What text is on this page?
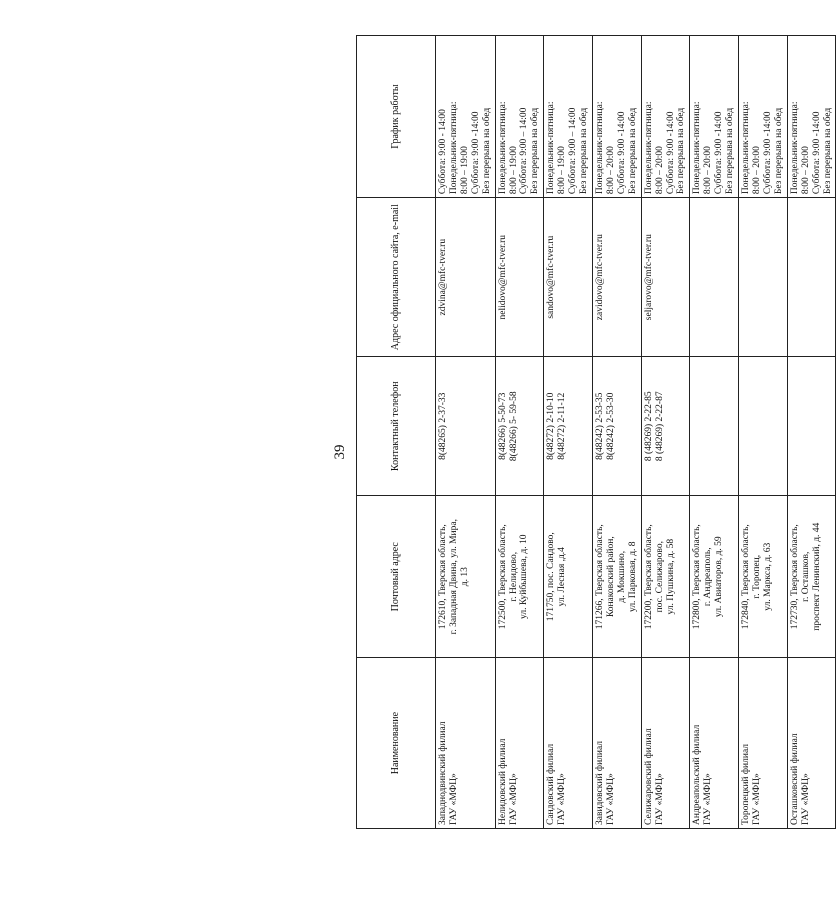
39
Наименование	Почтовый адрес	Контактный телефон	Адрес официального сайта, e-mail	График работы

Западнодвинский филиал ГАУ «МФЦ»	172610, Тверская область, г. Западная Двина, ул. Мира, д. 13	8(48265) 2-37-33	zdvina@mfc-tver.ru	Суббота: 9:00 - 14:00 Понедельник-пятница: 8:00 – 19:00 Суббота: 9:00 -14:00 Без перерыва на обед

Нелидовский филиал ГАУ «МФЦ»	172500, Тверская область, г. Нелидово, ул. Куйбышева, д. 10	8(48266) 5-50-73 8(48266) 5- 59-58	nelidovo@mfc-tver.ru	Понедельник-пятница: 8:00 – 19:00 Суббота: 9:00 – 14:00 Без перерыва на обед

Сандовский филиал ГАУ «МФЦ»	171750, пос. Сандово, ул. Лесная ,д.4	8(48272) 2-10-10 8(48272) 2-11-12	sandovo@mfc-tver.ru	Понедельник-пятница: 8:00 – 19:00 Суббота: 9:00 – 14:00 Без перерыва на обед

Завидовский филиал ГАУ «МФЦ»	171266, Тверская область, Конаковский район, д. Мокшино, ул. Парковая, д. 8	8(48242) 2-53-35 8(48242) 2-53-30	zavidovo@mfc-tver.ru	Понедельник-пятница: 8:00 – 20:00 Суббота: 9:00 -14:00 Без перерыва на обед

Селижаровский филиал ГАУ «МФЦ»	172200, Тверская область, пос. Селижарово, ул. Пушкина, д. 58	8 (48269) 2-22-85 8 (48269) 2-22-87	seljarovo@mfc-tver.ru	Понедельник-пятница: 8:00 – 20:00 Суббота: 9:00 -14:00 Без перерыва на обед

Андреапольский филиал ГАУ «МФЦ»	172800, Тверская область, г. Андреаполь, ул. Авиаторов, д. 59			Понедельник-пятница: 8:00 – 20:00 Суббота: 9:00 -14:00 Без перерыва на обед

Торопецкий филиал ГАУ «МФЦ»	172840, Тверская область, г. Торопец, ул. Маркса, д. 63			Понедельник-пятница: 8:00 – 20:00 Суббота: 9:00 -14:00 Без перерыва на обед

Осташковский филиал ГАУ «МФЦ»	172730, Тверская область, г. Осташков, проспект Ленинский, д. 44			Понедельник-пятница: 8:00 – 20:00 Суббота: 9:00 -14:00 Без перерыва на обед
